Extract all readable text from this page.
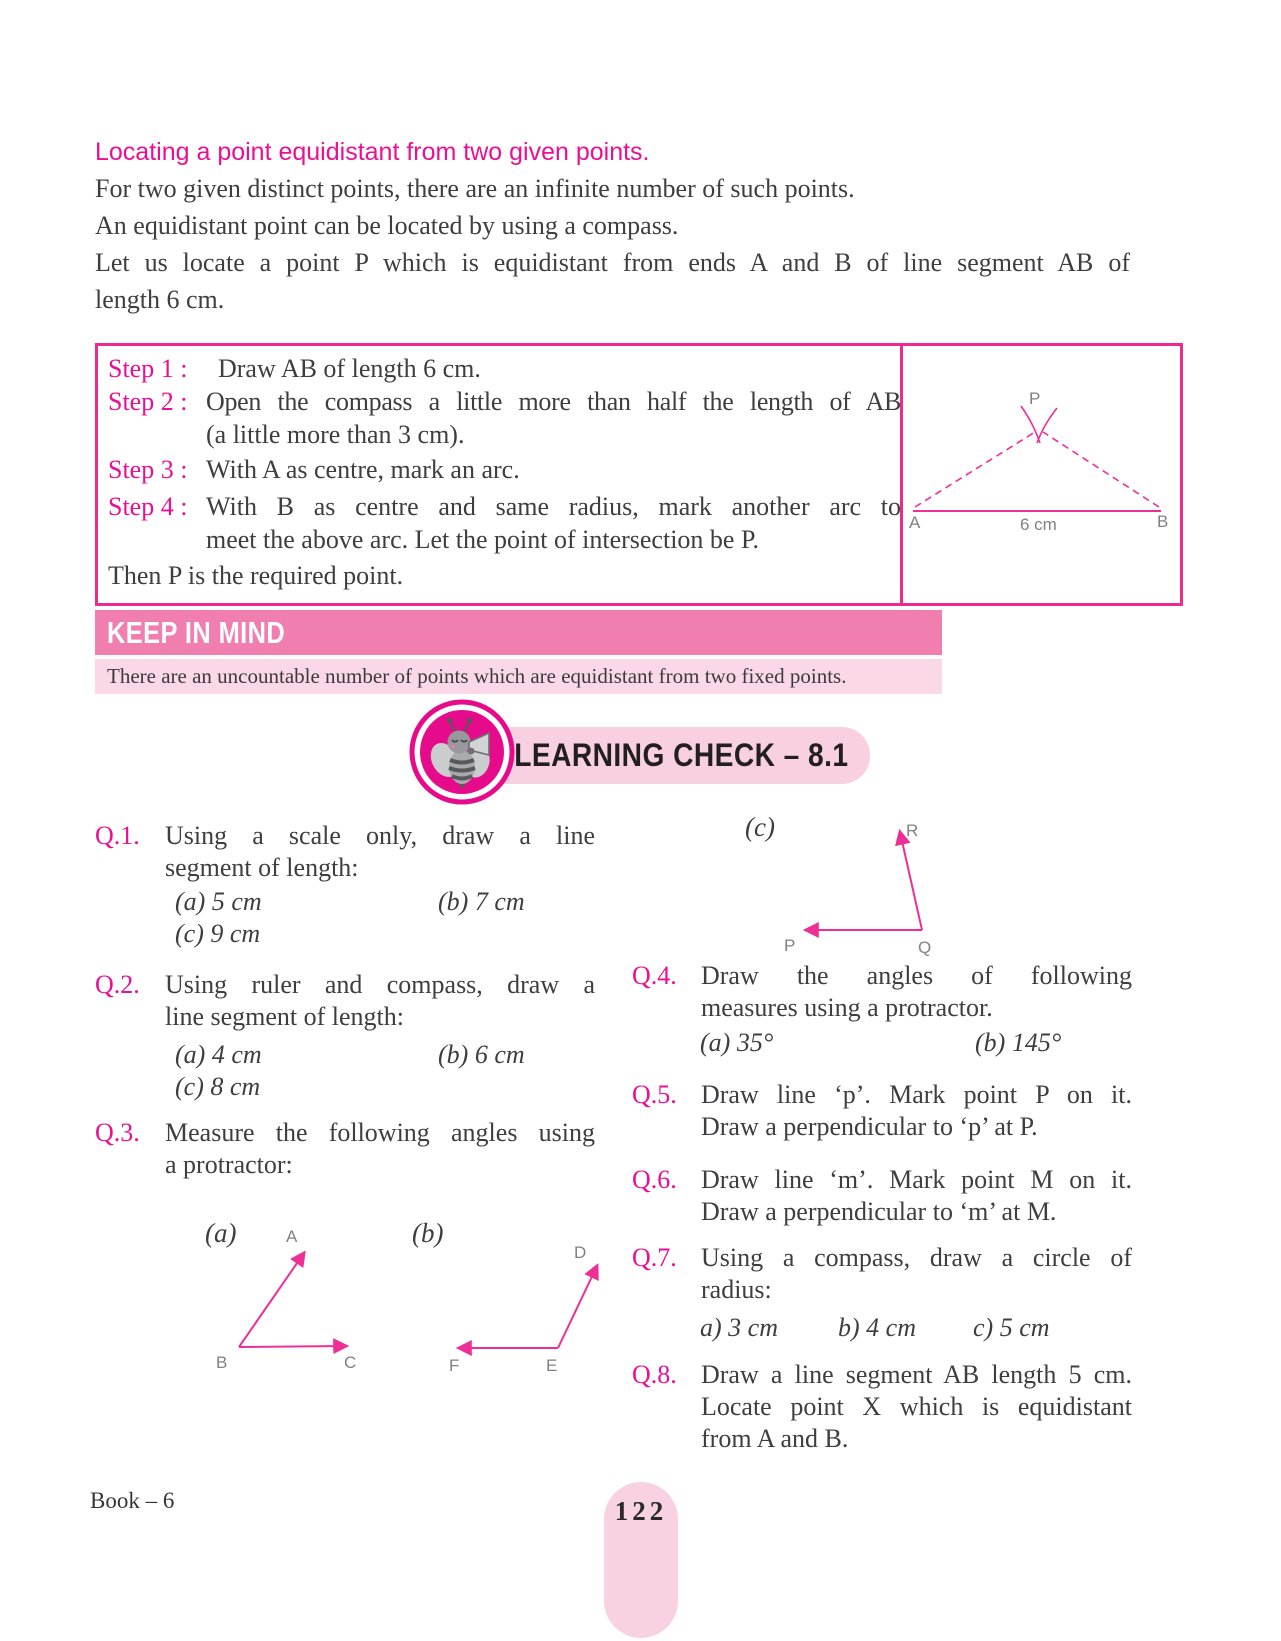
Locating a point equidistant from two given points.
For two given distinct points, there are an infinite number of such points.
An equidistant point can be located by using a compass.
Let us locate a point P which is equidistant from ends A and B of line segment AB of
length 6 cm.
Step 1 : Draw AB of length 6 cm.
Step 2 : Open the compass a little more than half the length of AB
(a little more than 3 cm).
Step 3 : With A as centre, mark an arc.
Step 4 : With B as centre and same radius, mark another arc to
meet the above arc. Let the point of intersection be P.
Then P is the required point.
P
A	B
6 cm
KEEP IN MIND
There are an uncountable number of points which are equidistant from two fixed points.
LEARNING CHECK – 8.1
Q.1. Using a scale only, draw a line
segment of length:
(a) 5 cm	(b) 7 cm
(c) 9 cm
Q.2. Using ruler and compass, draw a
line segment of length:
(a) 4 cm	(b) 6 cm
(c) 8 cm
Q.3. Measure the following angles using
a protractor:
(a)	(b)
A
B	C
D
E
F
(c)
P	Q
R
Q.4. Draw the angles of following
measures using a protractor.
(a) 35°	(b) 145°
Q.5. Draw line ‘p’. Mark point P on it.
Draw a perpendicular to ‘p’ at P.
Q.6. Draw line ‘m’. Mark point M on it.
Draw a perpendicular to ‘m’ at M.
Q.7. Using a compass, draw a circle of
radius:
a) 3 cm b) 4 cm c) 5 cm
Q.8. Draw a line segment AB length 5 cm.
Locate point X which is equidistant
from A and B.
Book – 6	122
